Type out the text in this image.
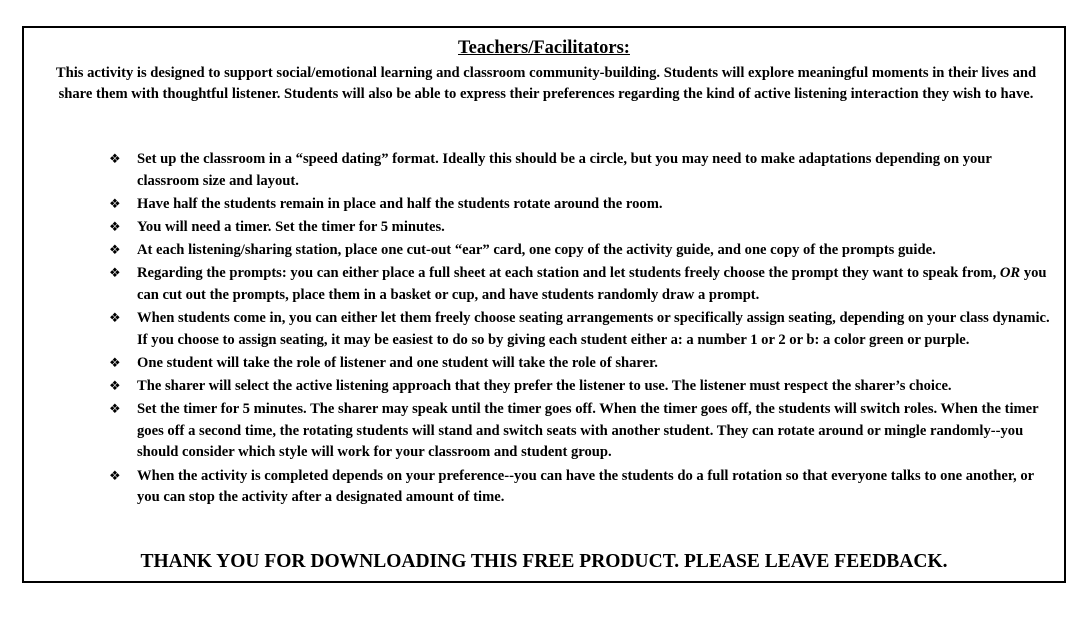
Teachers/Facilitators:
This activity is designed to support social/emotional learning and classroom community-building. Students will explore meaningful moments in their lives and share them with thoughtful listener. Students will also be able to express their preferences regarding the kind of active listening interaction they wish to have.
❖ Set up the classroom in a “speed dating” format. Ideally this should be a circle, but you may need to make adaptations depending on your classroom size and layout.
❖ Have half the students remain in place and half the students rotate around the room.
❖ You will need a timer. Set the timer for 5 minutes.
❖ At each listening/sharing station, place one cut-out “ear” card, one copy of the activity guide, and one copy of the prompts guide.
❖ Regarding the prompts: you can either place a full sheet at each station and let students freely choose the prompt they want to speak from, OR you can cut out the prompts, place them in a basket or cup, and have students randomly draw a prompt.
❖ When students come in, you can either let them freely choose seating arrangements or specifically assign seating, depending on your class dynamic. If you choose to assign seating, it may be easiest to do so by giving each student either a: a number 1 or 2 or b: a color green or purple.
❖ One student will take the role of listener and one student will take the role of sharer.
❖ The sharer will select the active listening approach that they prefer the listener to use. The listener must respect the sharer’s choice.
❖ Set the timer for 5 minutes. The sharer may speak until the timer goes off. When the timer goes off, the students will switch roles. When the timer goes off a second time, the rotating students will stand and switch seats with another student. They can rotate around or mingle randomly--you should consider which style will work for your classroom and student group.
❖ When the activity is completed depends on your preference--you can have the students do a full rotation so that everyone talks to one another, or you can stop the activity after a designated amount of time.
THANK YOU FOR DOWNLOADING THIS FREE PRODUCT. PLEASE LEAVE FEEDBACK.
